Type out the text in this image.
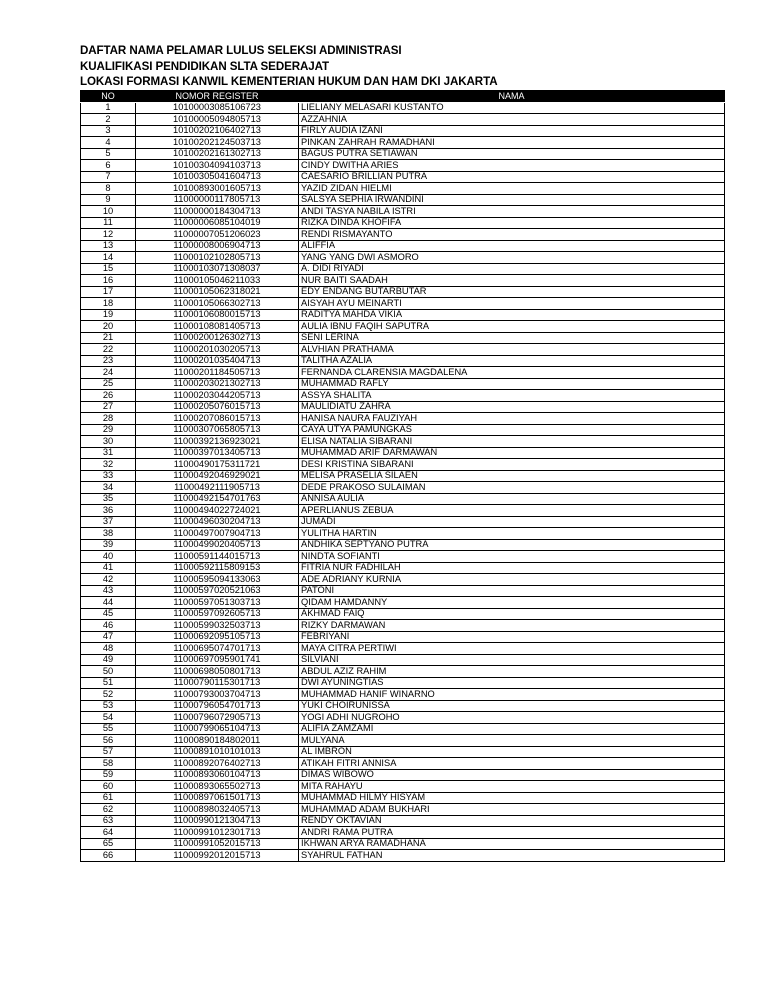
DAFTAR NAMA PELAMAR LULUS SELEKSI ADMINISTRASI
KUALIFIKASI PENDIDIKAN SLTA SEDERAJAT
LOKASI FORMASI KANWIL KEMENTERIAN HUKUM DAN HAM DKI JAKARTA
NO	NOMOR REGISTER	NAMA
1	10100003085106723	LIELIANY MELASARI KUSTANTO
2	10100005094805713	AZZAHNIA
3	10100202106402713	FIRLY AUDIA IZANI
4	10100202124503713	PINKAN ZAHRAH RAMADHANI
5	10100202161302713	BAGUS PUTRA SETIAWAN
6	10100304094103713	CINDY DWITHA ARIES
7	10100305041604713	CAESARIO BRILLIAN PUTRA
8	10100893001605713	YAZID ZIDAN HIELMI
9	11000000117805713	SALSYA SEPHIA IRWANDINI
10	11000000184304713	ANDI TASYA NABILA ISTRI
11	11000006085104019	RIZKA DINDA KHOFIFA
12	11000007051206023	RENDI RISMAYANTO
13	11000008006904713	ALIFFIA
14	11000102102805713	YANG YANG DWI ASMORO
15	11000103071308037	A. DIDI RIYADI
16	11000105046211033	NUR BAITI SAADAH
17	11000105062318021	EDY ENDANG BUTARBUTAR
18	11000105066302713	AISYAH AYU MEINARTI
19	11000106080015713	RADITYA MAHDA VIKIA
20	11000108081405713	AULIA IBNU FAQIH SAPUTRA
21	11000200126302713	SENI LERINA
22	11000201030205713	ALVHIAN PRATHAMA
23	11000201035404713	TALITHA AZALIA
24	11000201184505713	FERNANDA CLARENSIA MAGDALENA
25	11000203021302713	MUHAMMAD RAFLY
26	11000203044205713	ASSYA SHALITA
27	11000205076015713	MAULIDIATU ZAHRA
28	11000207086015713	HANISA NAURA FAUZIYAH
29	11000307065805713	CAYA UTYA PAMUNGKAS
30	11000392136923021	ELISA NATALIA SIBARANI
31	11000397013405713	MUHAMMAD ARIF DARMAWAN
32	11000490175311721	DESI KRISTINA SIBARANI
33	11000492046929021	MELISA PRASELIA SILAEN
34	11000492111905713	DEDE PRAKOSO SULAIMAN
35	11000492154701763	ANNISA AULIA
36	11000494022724021	APERLIANUS ZEBUA
37	11000496030204713	JUMADI
38	11000497007904713	YULITHA HARTIN
39	11000499020405713	ANDHIKA SEPTYANO PUTRA
40	11000591144015713	NINDTA SOFIANTI
41	11000592115809153	FITRIA NUR FADHILAH
42	11000595094133063	ADE ADRIANY KURNIA
43	11000597020521063	PATONI
44	11000597051303713	QIDAM HAMDANNY
45	11000597092605713	AKHMAD FAIQ
46	11000599032503713	RIZKY DARMAWAN
47	11000692095105713	FEBRIYANI
48	11000695074701713	MAYA CITRA PERTIWI
49	11000697095901741	SILVIANI
50	11000698050801713	ABDUL AZIZ RAHIM
51	11000790115301713	DWI AYUNINGTIAS
52	11000793003704713	MUHAMMAD HANIF WINARNO
53	11000796054701713	YUKI CHOIRUNISSA
54	11000796072905713	YOGI ADHI NUGROHO
55	11000799065104713	ALIFIA ZAMZAMI
56	11000890184802011	MULYANA
57	11000891010101013	AL IMBRON
58	11000892076402713	ATIKAH FITRI ANNISA
59	11000893060104713	DIMAS WIBOWO
60	11000893065502713	MITA RAHAYU
61	11000897061501713	MUHAMMAD HILMY HISYAM
62	11000898032405713	MUHAMMAD ADAM BUKHARI
63	11000990121304713	RENDY OKTAVIAN
64	11000991012301713	ANDRI RAMA PUTRA
65	11000991052015713	IKHWAN ARYA RAMADHANA
66	11000992012015713	SYAHRUL FATHAN
